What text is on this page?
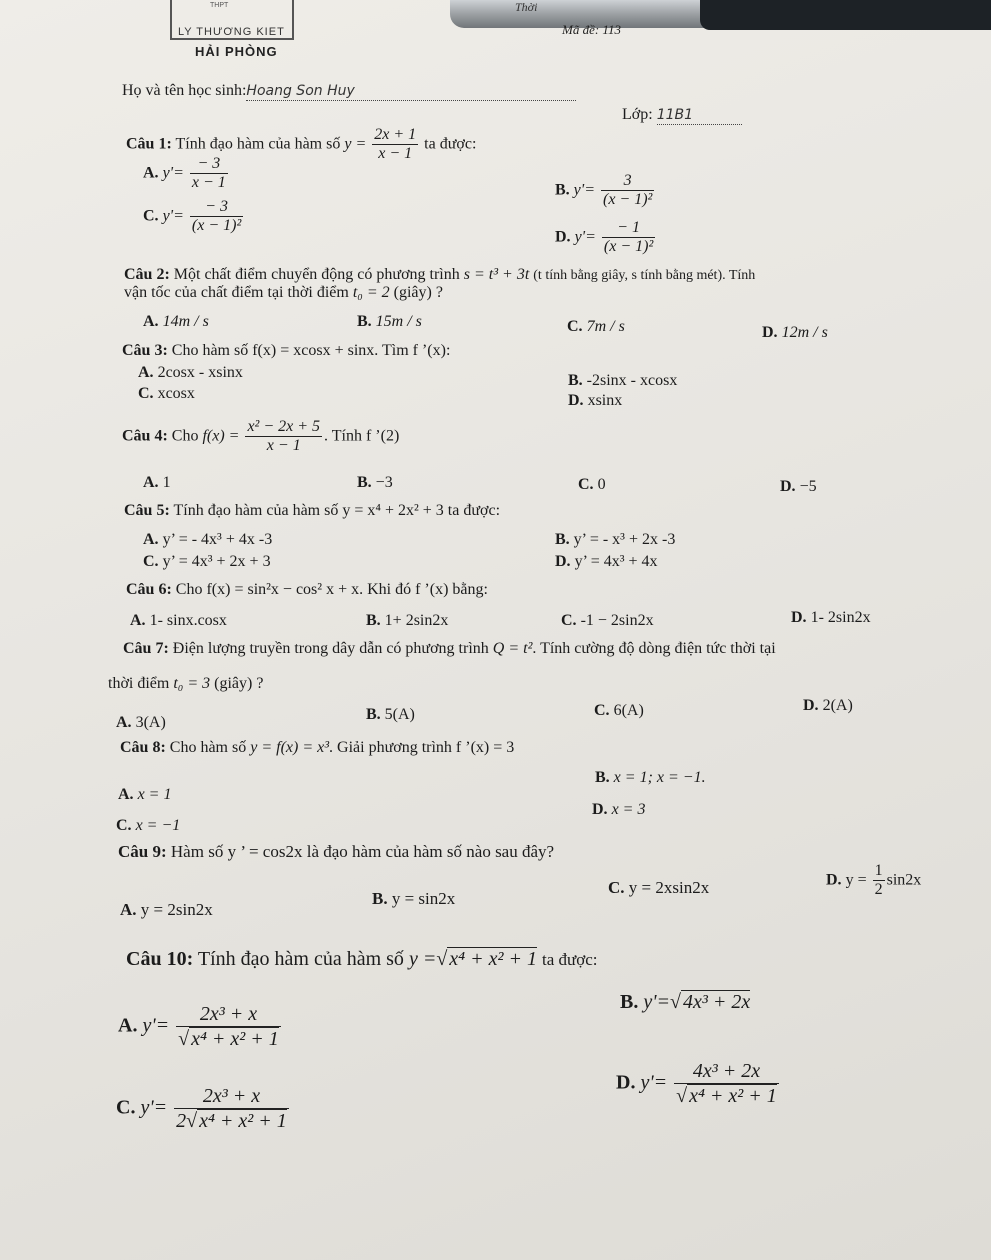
THPT
LY THƯƠNG KIET
HẢI PHÒNG
Thời
Mã đề: 113
Họ và tên học sinh:Hoang Son Huy
Lớp: 11B1
Câu 1: Tính đạo hàm của hàm số $y = \frac{2x + 1}{x - 1}$ ta được:
A. $y'= \frac{- 3}{x - 1}$	B. $y'= \frac{3}{\text{(x − 1)²}}$
C. $y'= \frac{- 3}{\text{(x − 1)²}}$
D. $y'= \frac{- 1}{\text{(x − 1)²}}$
Câu 2: Một chất điểm chuyển động có phương trình s = t³ + 3t (t tính bằng giây, s tính bằng mét). Tính
vận tốc của chất điểm tại thời điểm t₀ = 2 (giây) ?
A. 14m / s	B. 15m / s	C. 7m / s	D. 12m / s
Câu 3: Cho hàm số f(x) = xcosx + sinx. Tìm f ’(x):
A. 2cosx - xsinx	B. -2sinx - xcosx
C. xcosx	D. xsinx
Câu 4: Cho $f(x) = \frac{\text{x² − 2x + 5}}{x - 1}$ . Tính f ’(2)
A. 1	B. −3	C. 0	D. −5
Câu 5: Tính đạo hàm của hàm số y = x⁴ + 2x² + 3 ta được:
A. y’ = - 4x³ + 4x -3	B. y’ = - x³ + 2x -3
C. y’ = 4x³ + 2x + 3	D. y’ = 4x³ + 4x
Câu 6: Cho f(x) = sin²x − cos² x + x. Khi đó f ’(x) bằng:
A. 1- sinx.cosx	B. 1+ 2sin2x	C. -1 − 2sin2x	D. 1- 2sin2x
Câu 7: Điện lượng truyền trong dây dẫn có phương trình Q = t². Tính cường độ dòng điện tức thời tại
thời điểm t₀ = 3 (giây) ?
A. 3(A)	B. 5(A)	C. 6(A)	D. 2(A)
Câu 8: Cho hàm số y = f(x) = x³. Giải phương trình f ’(x) = 3
B. x = 1; x = −1.
A. x = 1
D. x = 3
C. x = −1
Câu 9: Hàm số y ’ = cos2x là đạo hàm của hàm số nào sau đây?
A. y = 2sin2x
B. y = sin2x
C. y = 2xsin2x	D. $y = \frac{1}{2} \sin 2x$
Câu 10: Tính đạo hàm của hàm số y =√ x⁴ + x² + 1 ta được:
A. $y'= \frac{\text{2x³ + x}}{\text{√ x⁴ + x² + 1}}$
B. y'=√ 4x³ + 2x
D. $y'= \frac{\text{4x³ + 2x}}{\text{√ x⁴ + x² + 1}}$
C. $y'= \frac{\text{2x³ + x}}{\text{2√ x⁴ + x² + 1}}$
